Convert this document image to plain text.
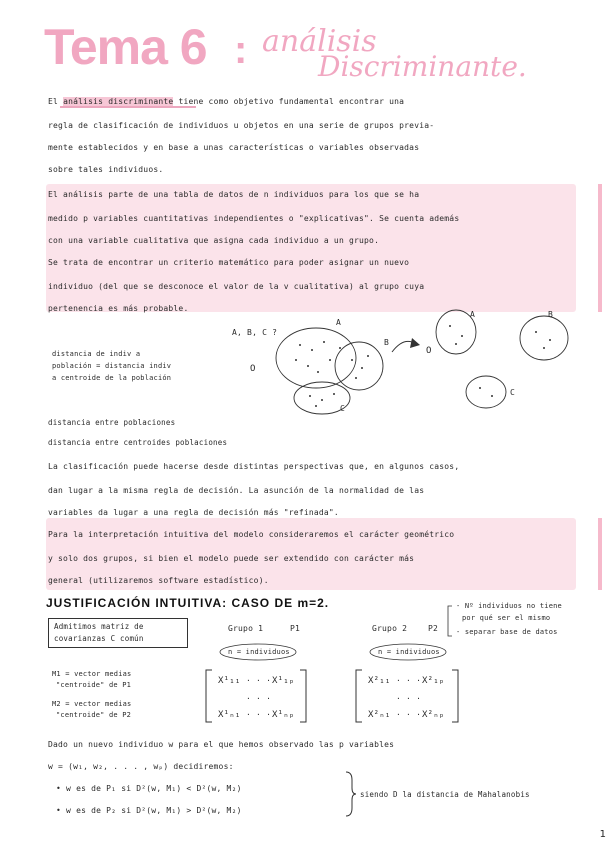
Tema 6 : análisis
Discriminante.
El análisis discriminante tiene como objetivo fundamental encontrar una
regla de clasificación de individuos u objetos en una serie de grupos previa-
mente establecidos y en base a unas características o variables observadas
sobre tales individuos.
El análisis parte de una tabla de datos de n individuos para los que se ha
medido p variables cuantitativas independientes o "explicativas". Se cuenta además
con una variable cualitativa que asigna cada individuo a un grupo.
Se trata de encontrar un criterio matemático para poder asignar un nuevo
individuo (del que se desconoce el valor de la v cualitativa) al grupo cuya
pertenencia es más probable.
A, B, C ?
O
A
B
C
O
A	B
C
distancia de indiv a
población = distancia indiv
a centroide de la población
distancia entre poblaciones
distancia entre centroides poblaciones
La clasificación puede hacerse desde distintas perspectivas que, en algunos casos,
dan lugar a la misma regla de decisión. La asunción de la normalidad de las
variables da lugar a una regla de decisión más "refinada".
Para la interpretación intuitiva del modelo consideraremos el carácter geométrico
y solo dos grupos, si bien el modelo puede ser extendido con carácter más
general (utilizaremos software estadístico).
JUSTIFICACIÓN INTUITIVA: CASO DE m=2.	- Nº individuos no tiene
por qué ser el mismo
- separar base de datos
Admitimos matriz de
covarianzas C común
Grupo 1	P1	Grupo 2	P2
n = individuos	n = individuos
M1 = vector medias
"centroide" de P1
M2 = vector medias
"centroide" de P2
X¹₁₁ · · · X¹₁ₚ
· · ·
X¹ₙ₁ · · · X¹ₙₚ
X²₁₁ · · · X²₁ₚ
· · ·
X²ₙ₁ · · · X²ₙₚ
Dado un nuevo individuo w para el que hemos observado las p variables
w = (w₁, w₂, . . . , wₚ) decidiremos:
• w es de P₁ si D²(w, M₁) < D²(w, M₂)
• w es de P₂ si D²(w, M₁) > D²(w, M₂)
siendo D la distancia de Mahalanobis
1
